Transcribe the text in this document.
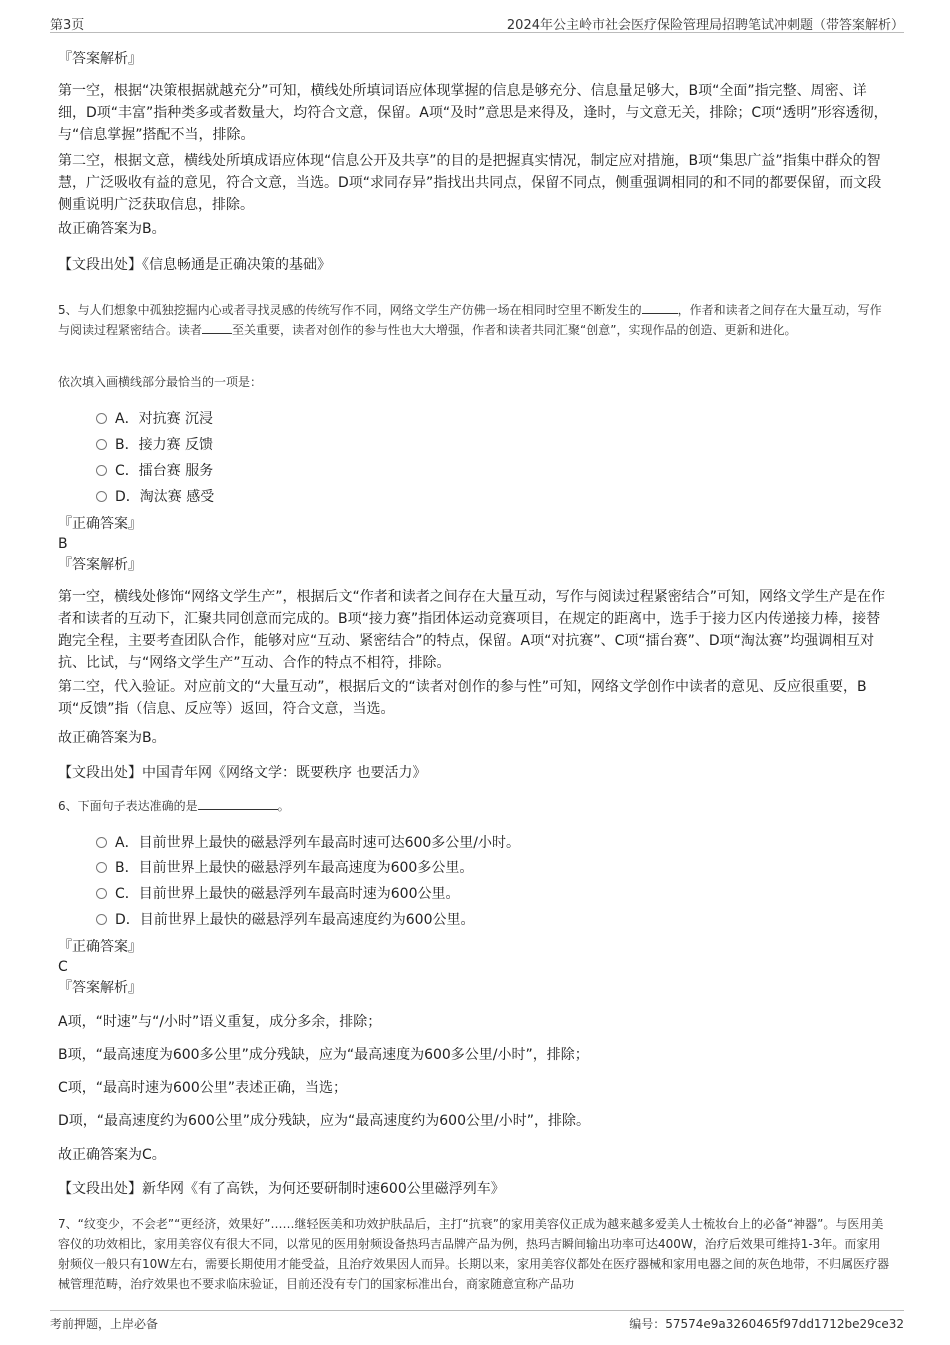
第3页	2024年公主岭市社会医疗保险管理局招聘笔试冲刺题（带答案解析）

『答案解析』

第一空，根据“决策根据就越充分”可知，横线处所填词语应体现掌握的信息是够充分、信息量足够大，B项“全面”指完整、周密、详细，D项“丰富”指种类多或者数量大，均符合文意，保留。A项“及时”意思是来得及，逢时，与文意无关，排除；C项“透明”形容透彻，与“信息掌握”搭配不当，排除。

第二空，根据文意，横线处所填成语应体现“信息公开及共享”的目的是把握真实情况，制定应对措施，B项“集思广益”指集中群众的智慧，广泛吸收有益的意见，符合文意，当选。D项“求同存异”指找出共同点，保留不同点，侧重强调相同的和不同的都要保留，而文段侧重说明广泛获取信息，排除。

故正确答案为B。

【文段出处】《信息畅通是正确决策的基础》

5、与人们想象中孤独挖掘内心或者寻找灵感的传统写作不同，网络文学生产仿佛一场在相同时空里不断发生的	，作者和读者之间存在大量互动，写作与阅读过程紧密结合。读者	至关重要，读者对创作的参与性也大大增强，作者和读者共同汇聚“创意”，实现作品的创造、更新和进化。

依次填入画横线部分最恰当的一项是：

A．对抗赛 沉浸
B．接力赛 反馈
C．擂台赛 服务
D．淘汰赛 感受

『正确答案』

B

『答案解析』

第一空，横线处修饰“网络文学生产”，根据后文“作者和读者之间存在大量互动，写作与阅读过程紧密结合”可知，网络文学生产是在作者和读者的互动下，汇聚共同创意而完成的。B项“接力赛”指团体运动竞赛项目，在规定的距离中，选手于接力区内传递接力棒，接替跑完全程，主要考查团队合作，能够对应“互动、紧密结合”的特点，保留。A项“对抗赛”、C项“擂台赛”、D项“淘汰赛”均强调相互对抗、比试，与“网络文学生产”互动、合作的特点不相符，排除。

第二空，代入验证。对应前文的“大量互动”，根据后文的“读者对创作的参与性”可知，网络文学创作中读者的意见、反应很重要，B项“反馈”指（信息、反应等）返回，符合文意，当选。

故正确答案为B。

【文段出处】中国青年网《网络文学：既要秩序 也要活力》

6、下面句子表达准确的是	。

A．目前世界上最快的磁悬浮列车最高时速可达600多公里/小时。
B．目前世界上最快的磁悬浮列车最高速度为600多公里。
C．目前世界上最快的磁悬浮列车最高时速为600公里。
D．目前世界上最快的磁悬浮列车最高速度约为600公里。

『正确答案』

C

『答案解析』

A项，“时速”与“/小时”语义重复，成分多余，排除；

B项，“最高速度为600多公里”成分残缺，应为“最高速度为600多公里/小时”，排除；

C项，“最高时速为600公里”表述正确，当选；

D项，“最高速度约为600公里”成分残缺，应为“最高速度约为600公里/小时”，排除。

故正确答案为C。

【文段出处】新华网《有了高铁，为何还要研制时速600公里磁浮列车》

7、“纹变少，不会老”“更经济，效果好”……继轻医美和功效护肤品后，主打“抗衰”的家用美容仪正成为越来越多爱美人士梳妆台上的必备“神器”。与医用美容仪的功效相比，家用美容仪有很大不同，以常见的医用射频设备热玛吉品牌产品为例，热玛吉瞬间输出功率可达400W，治疗后效果可维持1-3年。而家用射频仪一般只有10W左右，需要长期使用才能受益，且治疗效果因人而异。长期以来，家用美容仪都处在医疗器械和家用电器之间的灰色地带，不归属医疗器械管理范畴，治疗效果也不要求临床验证，目前还没有专门的国家标准出台，商家随意宣称产品功

考前押题，上岸必备	编号：57574e9a3260465f97dd1712be29ce32
